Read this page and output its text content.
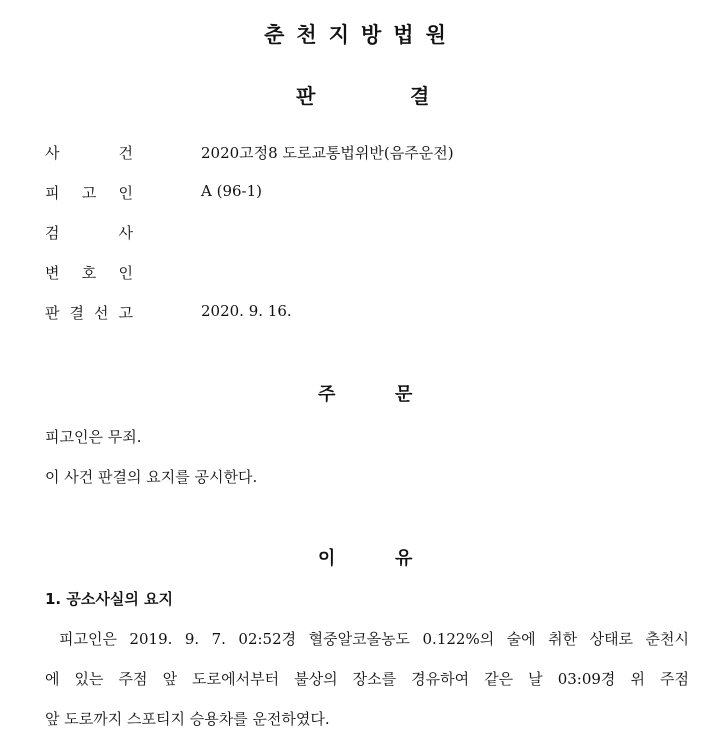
춘천지방법원
판	결
사	건	2020고정8 도로교통법위반(음주운전)
피 고 인	A (96-1)
검	사
변 호 인
판 결 선 고	2020. 9. 16.
주	문
피고인은 무죄.
이 사건 판결의 요지를 공시한다.
이	유
1. 공소사실의 요지
피고인은 2019. 9. 7. 02:52경 혈중알코올농도 0.122%의 술에 취한 상태로 춘천시
에 있는 주점 앞 도로에서부터 불상의 장소를 경유하여 같은 날 03:09경 위 주점
앞 도로까지 스포티지 승용차를 운전하였다.
